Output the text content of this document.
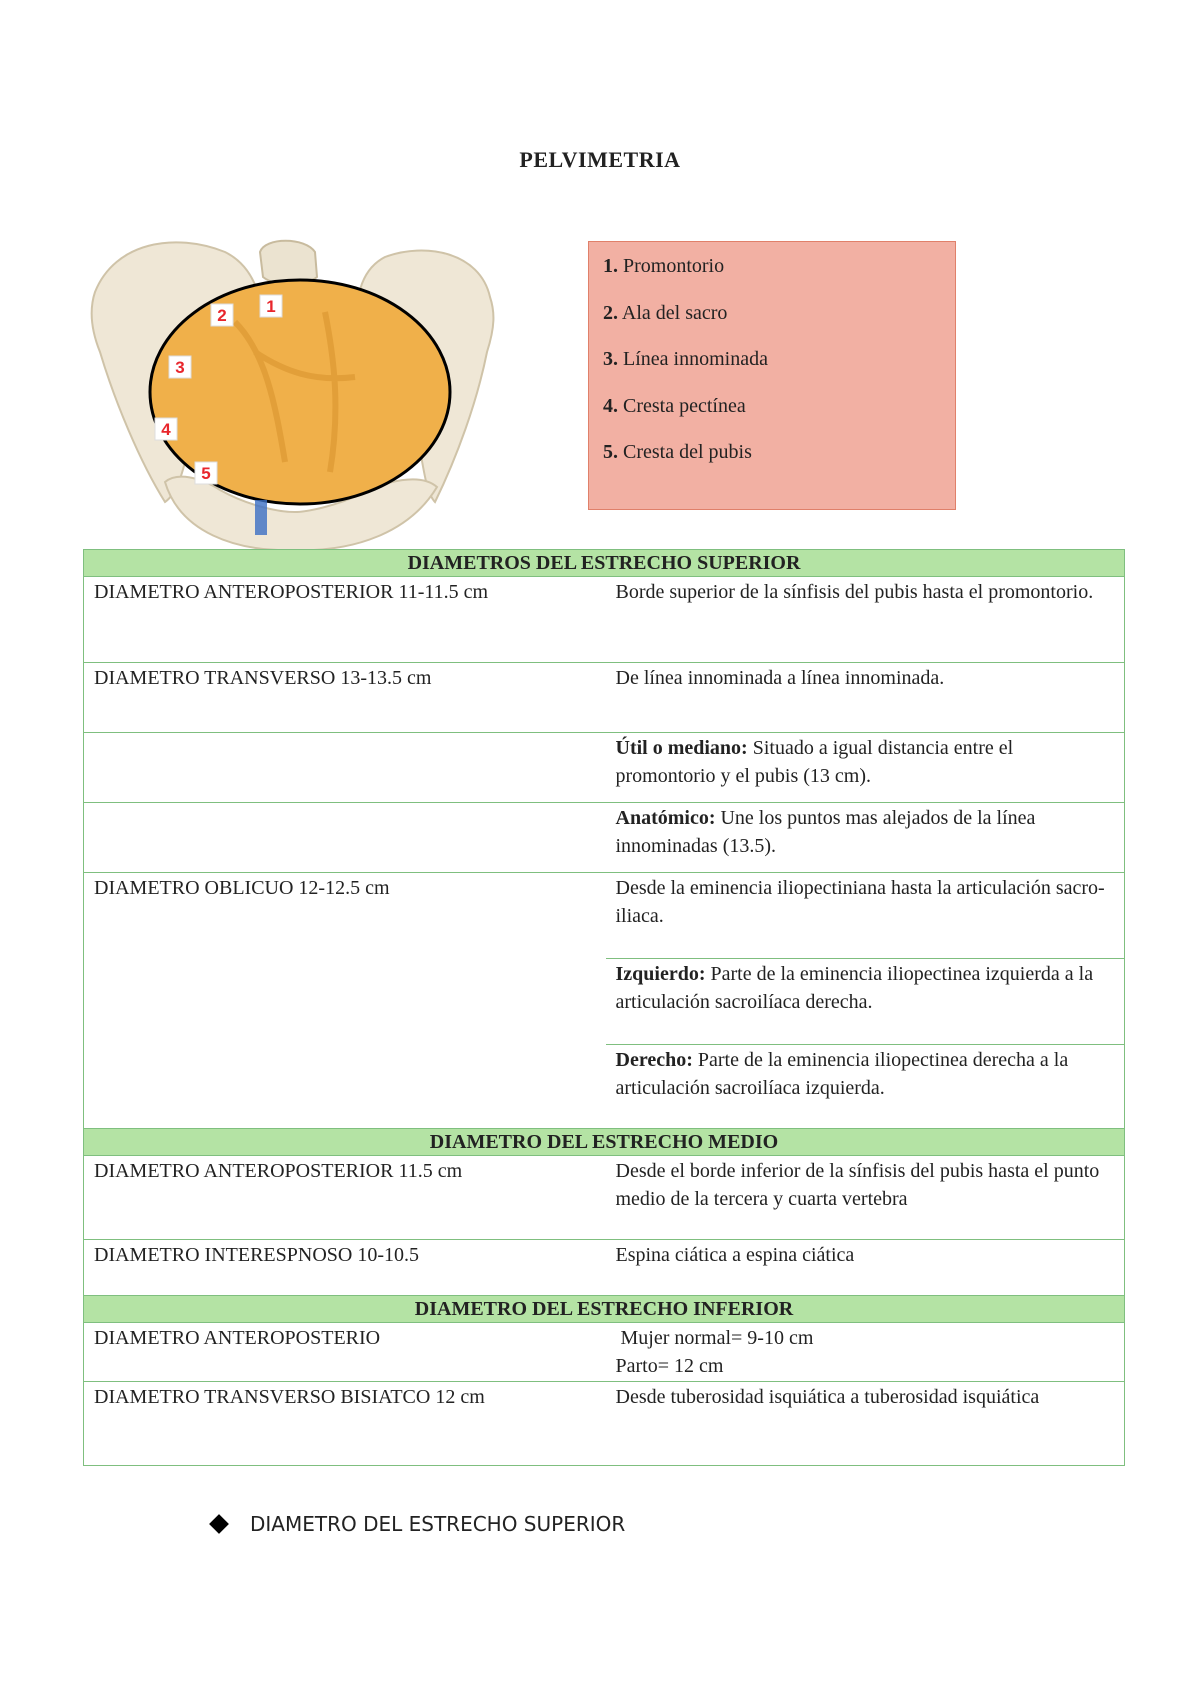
PELVIMETRIA
1
2
3
4
5
1. Promontorio
2. Ala del sacro
3. Línea innominada
4. Cresta pectínea
5. Cresta del pubis
DIAMETROS DEL ESTRECHO SUPERIOR	
DIAMETRO ANTEROPOSTERIOR 11-11.5 cm	Borde superior de la sínfisis del pubis hasta el promontorio.
DIAMETRO TRANSVERSO 13-13.5 cm	De línea innominada a línea innominada.
	Útil o mediano: Situado a igual distancia entre el promontorio y el pubis (13 cm).
	Anatómico: Une los puntos mas alejados de la línea innominadas (13.5).
DIAMETRO OBLICUO 12-12.5 cm	Desde la eminencia iliopectiniana hasta la articulación sacro-iliaca.
	Izquierdo: Parte de la eminencia iliopectinea izquierda a la articulación sacroilíaca derecha.
	Derecho: Parte de la eminencia iliopectinea derecha a la articulación sacroilíaca izquierda.
DIAMETRO DEL ESTRECHO MEDIO	
DIAMETRO ANTEROPOSTERIOR 11.5 cm	Desde el borde inferior de la sínfisis del pubis hasta el punto medio de la tercera y cuarta vertebra
DIAMETRO INTERESPNOSO 10-10.5	Espina ciática a espina ciática
DIAMETRO DEL ESTRECHO INFERIOR	
DIAMETRO ANTEROPOSTERIO	Mujer normal= 9-10 cm
Parto= 12 cm

DIAMETRO TRANSVERSO BISIATCO 12 cm	Desde tuberosidad isquiática a tuberosidad isquiática
DIAMETRO DEL ESTRECHO SUPERIOR
